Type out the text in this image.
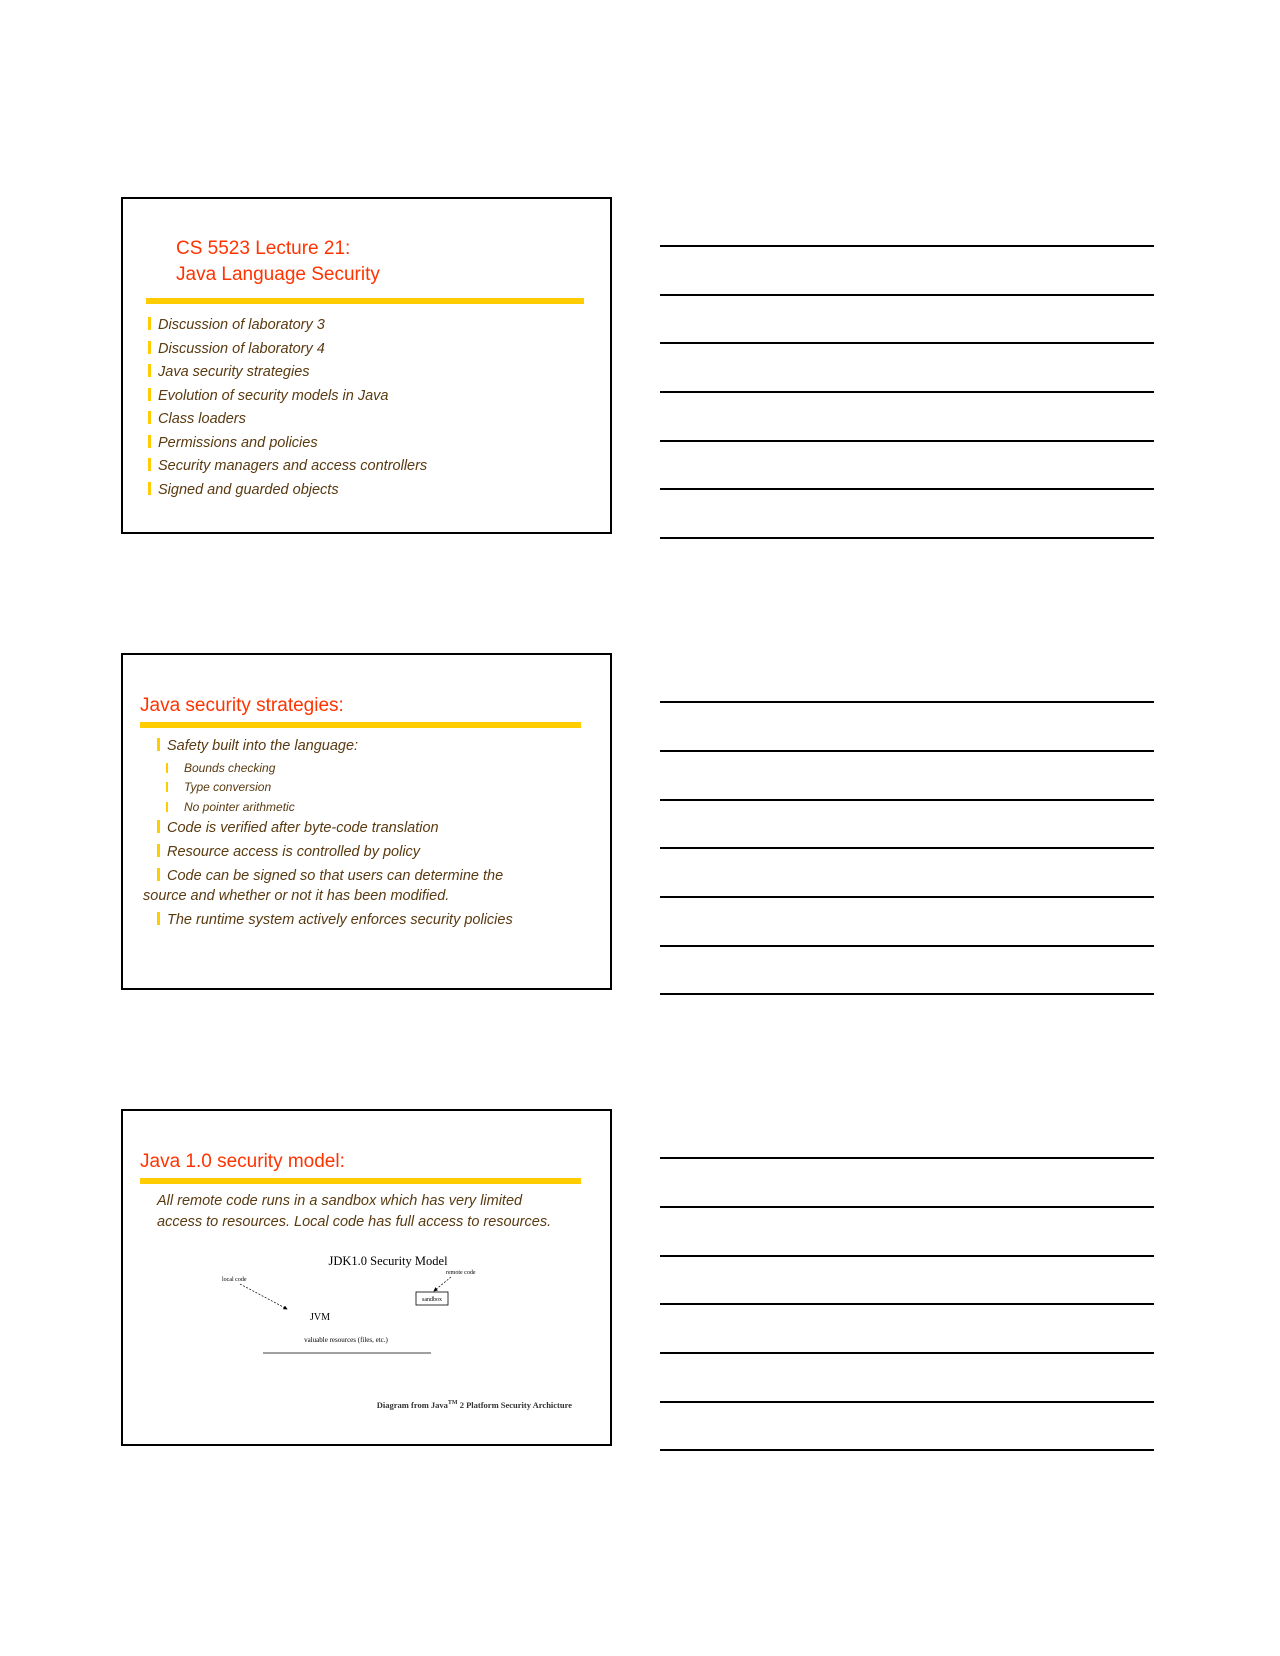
CS 5523 Lecture 21:
Java Language Security
Discussion of laboratory 3
Discussion of laboratory 4
Java security strategies
Evolution of security models in Java
Class loaders
Permissions and policies
Security managers and access controllers
Signed and guarded objects
Java security strategies:
Safety built into the language:
Bounds checking
Type conversion
No pointer arithmetic
Code is verified after byte-code translation
Resource access is controlled by policy
Code can be signed so that users can determine the
source and whether or not it has been modified.
The runtime system actively enforces security policies
Java 1.0 security model:
All remote code runs in a sandbox which has very limited
access to resources. Local code has full access to resources.
JDK1.0 Security Model
local code
remote code
sandbox
JVM
valuable resources (files, etc.)
Diagram from Java™ 2 Platform Security Archicture
